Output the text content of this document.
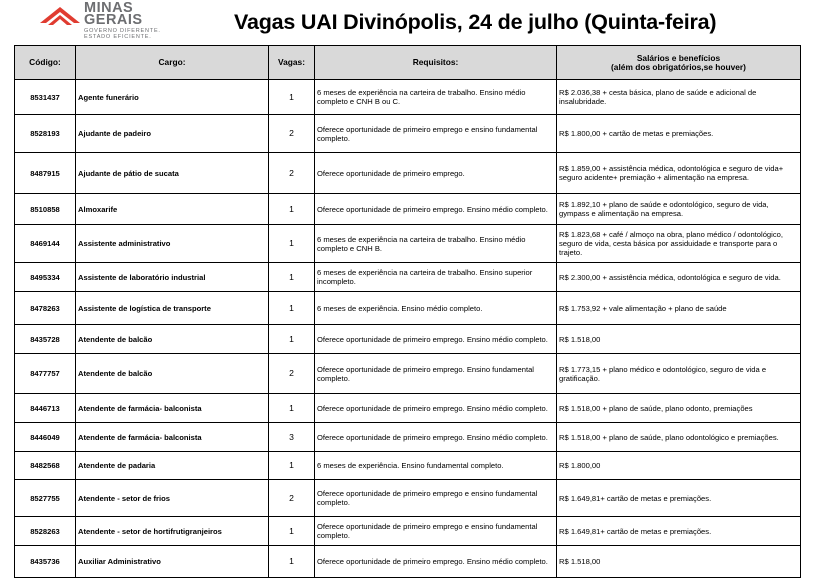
MINAS
GERAIS
GOVERNO DIFERENTE.
ESTADO EFICIENTE.
Vagas UAI Divinópolis, 24 de julho (Quinta-feira)
Código:	Cargo:	Vagas:	Requisitos:	Salários e benefícios
(além dos obrigatórios,se houver)

8531437	Agente funerário	1	6 meses de experiência na carteira de trabalho. Ensino médio completo e CNH B ou C.	R$ 2.036,38 + cesta básica, plano de saúde e adicional de insalubridade.
8528193	Ajudante de padeiro	2	Oferece oportunidade de primeiro emprego e ensino fundamental completo.	R$ 1.800,00 + cartão de metas e premiações.
8487915	Ajudante de pátio de sucata	2	Oferece oportunidade de primeiro emprego.	R$ 1.859,00 + assistência médica, odontológica e seguro de vida+ seguro acidente+ premiação + alimentação na empresa.
8510858	Almoxarife	1	Oferece oportunidade de primeiro emprego. Ensino médio completo.	R$ 1.892,10 + plano de saúde e odontológico, seguro de vida, gympass e alimentação na empresa.
8469144	Assistente administrativo	1	6 meses de experiência na carteira de trabalho. Ensino médio completo e CNH B.	R$ 1.823,68 + café / almoço na obra, plano médico / odontológico, seguro de vida, cesta básica por assiduidade e transporte para o trajeto.
8495334	Assistente de laboratório industrial	1	6 meses de experiência na carteira de trabalho. Ensino superior incompleto.	R$ 2.300,00 + assistência médica, odontológica e seguro de vida.
8478263	Assistente de logística de transporte	1	6 meses de experiência. Ensino médio completo.	R$ 1.753,92 + vale alimentação + plano de saúde
8435728	Atendente de balcão	1	Oferece oportunidade de primeiro emprego. Ensino médio completo.	R$ 1.518,00
8477757	Atendente de balcão	2	Oferece oportunidade de primeiro emprego. Ensino fundamental completo.	R$ 1.773,15 + plano médico e odontológico, seguro de vida e gratificação.
8446713	Atendente de farmácia- balconista	1	Oferece oportunidade de primeiro emprego. Ensino médio completo.	R$ 1.518,00 + plano de saúde, plano odonto, premiações
8446049	Atendente de farmácia- balconista	3	Oferece oportunidade de primeiro emprego. Ensino médio completo.	R$ 1.518,00 + plano de saúde, plano odontológico e premiações.
8482568	Atendente de padaria	1	6 meses de experiência. Ensino fundamental completo.	R$ 1.800,00
8527755	Atendente - setor de frios	2	Oferece oportunidade de primeiro emprego e ensino fundamental completo.	R$ 1.649,81+ cartão de metas e premiações.
8528263	Atendente - setor de hortifrutigranjeiros	1	Oferece oportunidade de primeiro emprego e ensino fundamental completo.	R$ 1.649,81+ cartão de metas e premiações.
8435736	Auxiliar Administrativo	1	Oferece oportunidade de primeiro emprego. Ensino médio completo.	R$ 1.518,00
